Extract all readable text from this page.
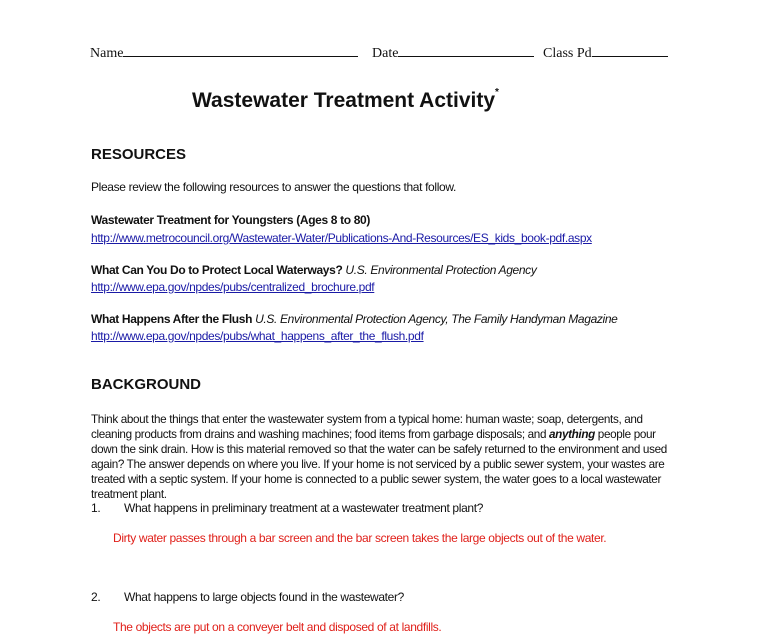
Name	Date	Class Pd
Wastewater Treatment Activity*
RESOURCES
Please review the following resources to answer the questions that follow.
Wastewater Treatment for Youngsters (Ages 8 to 80)
http://www.metrocouncil.org/Wastewater-Water/Publications-And-Resources/ES_kids_book-pdf.aspx
What Can You Do to Protect Local Waterways? U.S. Environmental Protection Agency
http://www.epa.gov/npdes/pubs/centralized_brochure.pdf
What Happens After the Flush U.S. Environmental Protection Agency, The Family Handyman Magazine
http://www.epa.gov/npdes/pubs/what_happens_after_the_flush.pdf
BACKGROUND
Think about the things that enter the wastewater system from a typical home: human waste; soap, detergents, and cleaning products from drains and washing machines; food items from garbage disposals; and anything people pour down the sink drain. How is this material removed so that the water can be safely returned to the environment and used again? The answer depends on where you live. If your home is not serviced by a public sewer system, your wastes are treated with a septic system. If your home is connected to a public sewer system, the water goes to a local wastewater treatment plant.
1. What happens in preliminary treatment at a wastewater treatment plant?
Dirty water passes through a bar screen and the bar screen takes the large objects out of the water.
2. What happens to large objects found in the wastewater?
The objects are put on a conveyer belt and disposed of at landfills.
